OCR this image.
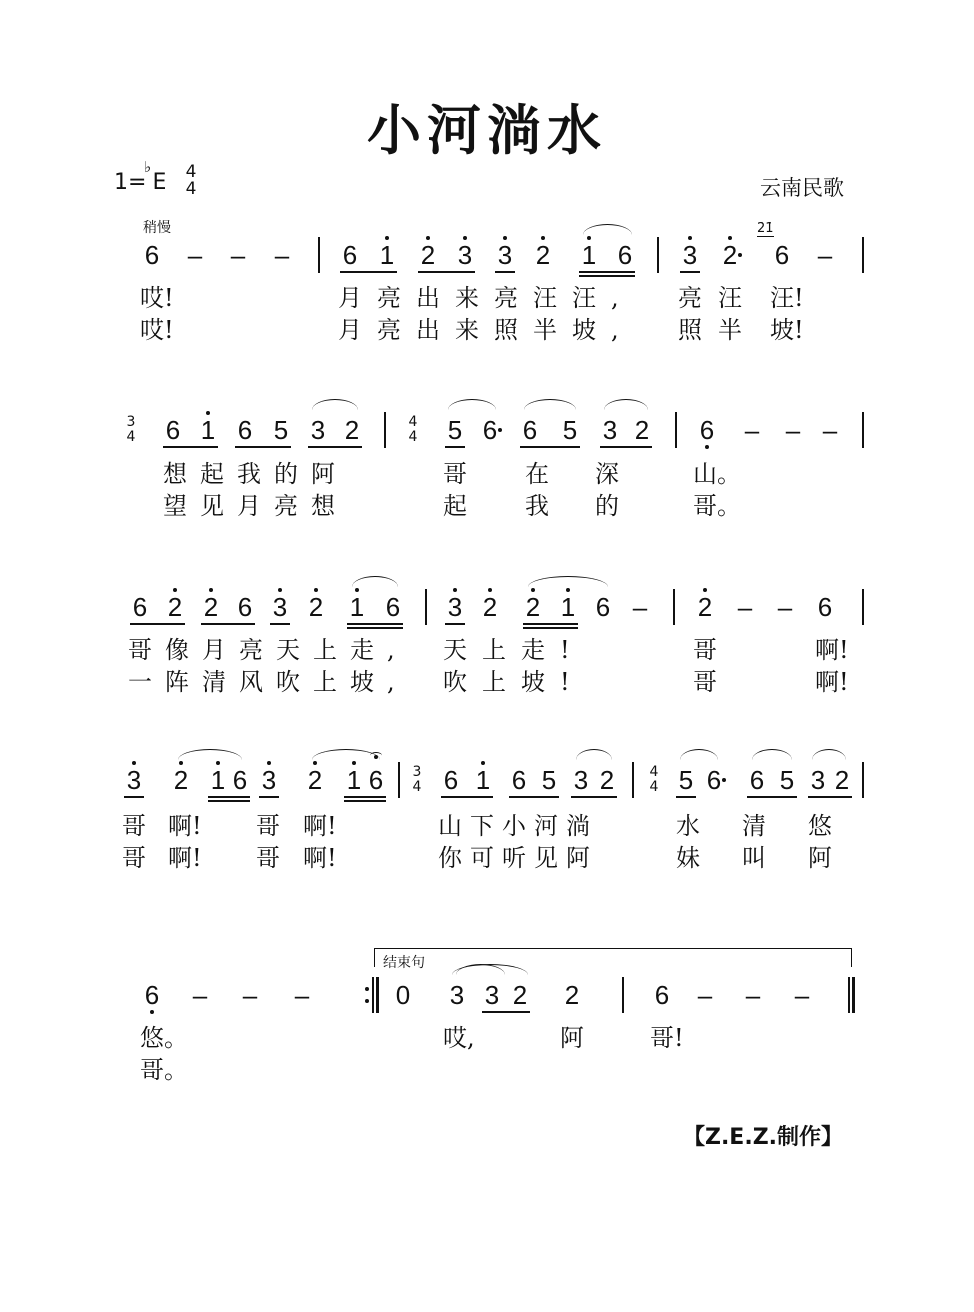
小河淌水
1= E
♭ 4
4	云南民歌
稍慢	2̇1̇
结束句
【Z.E.Z.制作】
6 – – – 6 1 2 3 3 2 1 6 3 2 6 –
哎!	月亮出来亮汪汪, 亮 汪 汪!
哎!	月亮出来照半坡, 照 半 坡!
6 1 6 5 3 2	5 6 6 5 3 2 6 – – –
3
4
4
4
想起我的阿	哥 在 深	山。
望见月亮想	起 我 的	哥。
6 2 2 6 3 2 1 6 3 2 2 1 6 – 2 – – 6
哥像月亮天上走, 天上走!	哥	啊!
一阵清风吹上坡, 吹上坡!	哥	啊!
3 2 1 6 3 2 1 6 6 1 6 5 3 2 5 6 6 5 3 2
3
4
4
4
哥 啊! 哥 啊!	山下小河淌	水 清 悠
哥 啊! 哥 啊!	你可听见阿	妹 叫 阿
6 – – –	0 3 3 2 2	6 – – –
悠。	哎,	阿	哥!
哥。
